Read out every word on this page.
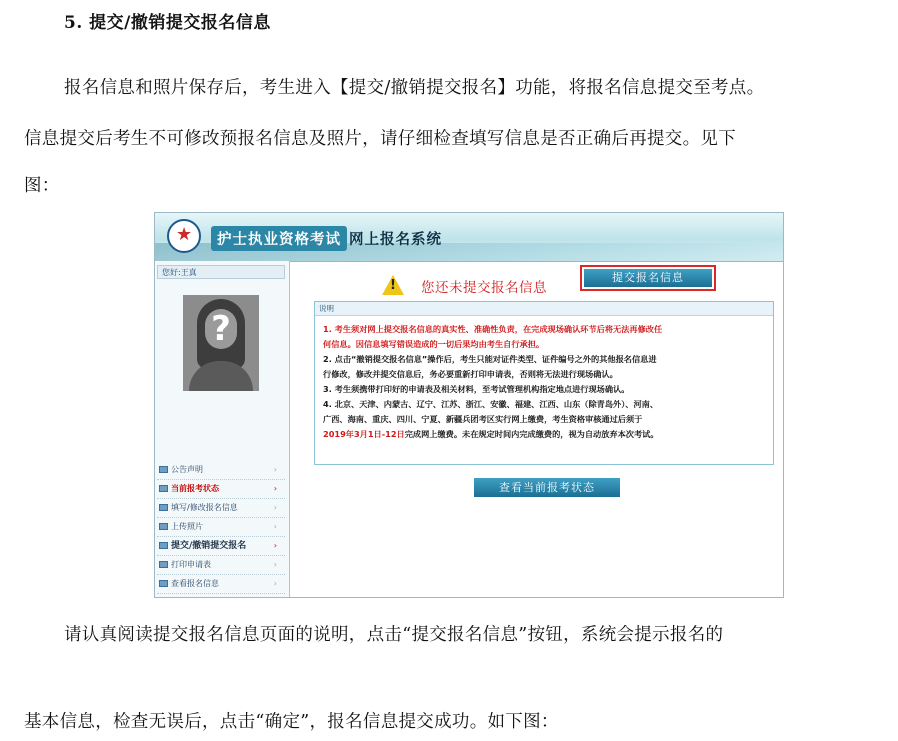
5. 提交/撤销提交报名信息
报名信息和照片保存后，考生进入【提交/撤销提交报名】功能，将报名信息提交至考点。
信息提交后考生不可修改预报名信息及照片，请仔细检查填写信息是否正确后再提交。见下
图：
★	护士执业资格考试 网上报名系统
您好:王真
?
公告声明	›
当前报考状态	›
填写/修改报名信息	›
上传照片	›
提交/撤销提交报名	›
打印申请表	›
查看报名信息	›
! 您还未提交报名信息
提交报名信息
说明
1. 考生须对网上提交报名信息的真实性、准确性负责，在完成现场确认环节后将无法再修改任
何信息。因信息填写错误造成的一切后果均由考生自行承担。
2. 点击“撤销提交报名信息”操作后，考生只能对证件类型、证件编号之外的其他报名信息进
行修改，修改并提交信息后，务必要重新打印申请表，否则将无法进行现场确认。
3. 考生须携带打印好的申请表及相关材料，至考试管理机构指定地点进行现场确认。
4. 北京、天津、内蒙古、辽宁、江苏、浙江、安徽、福建、江西、山东（除青岛外）、河南、
广西、海南、重庆、四川、宁夏、新疆兵团考区实行网上缴费，考生资格审核通过后须于
2019年3月1日-12日完成网上缴费。未在规定时间内完成缴费的，视为自动放弃本次考试。
查看当前报考状态
请认真阅读提交报名信息页面的说明，点击“提交报名信息”按钮，系统会提示报名的
基本信息，检查无误后，点击“确定”，报名信息提交成功。如下图：
